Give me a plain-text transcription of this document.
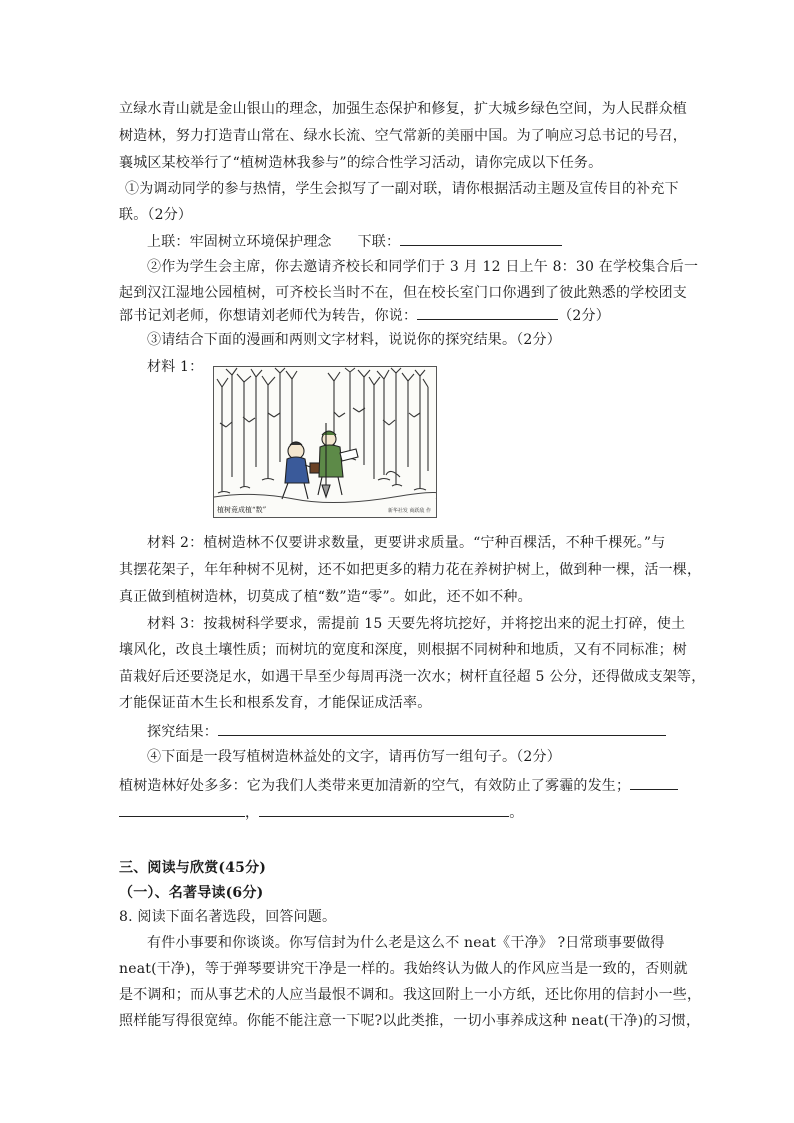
立绿水青山就是金山银山的理念，加强生态保护和修复，扩大城乡绿色空间，为人民群众植
树造林，努力打造青山常在、绿水长流、空气常新的美丽中国。为了响应习总书记的号召，
襄城区某校举行了“植树造林我参与”的综合性学习活动，请你完成以下任务。
①为调动同学的参与热情，学生会拟写了一副对联，请你根据活动主题及宣传目的补充下
联。（2分）
上联：牢固树立环境保护理念 下联：
②作为学生会主席，你去邀请齐校长和同学们于 3 月 12 日上午 8：30 在学校集合后一
起到汉江湿地公园植树，可齐校长当时不在，但在校长室门口你遇到了彼此熟悉的学校团支
部书记刘老师，你想请刘老师代为转告，你说：	（2分）
③请结合下面的漫画和两则文字材料，说说你的探究结果。（2分）
材料 1：
植树竟成植“数”	新华社发 商跃敌 作
材料 2：植树造林不仅要讲求数量，更要讲求质量。“宁种百棵活，不种千棵死。”与
其摆花架子，年年种树不见树，还不如把更多的精力花在养树护树上，做到种一棵，活一棵，
真正做到植树造林，切莫成了植“数”造“零”。如此，还不如不种。
材料 3：按栽树科学要求，需提前 15 天要先将坑挖好，并将挖出来的泥土打碎，使土
壤风化，改良土壤性质；而树坑的宽度和深度，则根据不同树种和地质，又有不同标准；树
苗栽好后还要浇足水，如遇干旱至少每周再浇一次水；树杆直径超 5 公分，还得做成支架等，
才能保证苗木生长和根系发育，才能保证成活率。
探究结果：
④下面是一段写植树造林益处的文字，请再仿写一组句子。（2分）
植树造林好处多多：它为我们人类带来更加清新的空气，有效防止了雾霾的发生；
，	。
三、阅读与欣赏(45分)
（一）、名著导读(6分)
8. 阅读下面名著选段，回答问题。
有件小事要和你谈谈。你写信封为什么老是这么不 neat《干净》 ?日常琐事要做得
neat(干净)，等于弹琴要讲究干净是一样的。我始终认为做人的作风应当是一致的，否则就
是不调和；而从事艺术的人应当最恨不调和。我这回附上一小方纸，还比你用的信封小一些，
照样能写得很宽绰。你能不能注意一下呢?以此类推，一切小事养成这种 neat(干净)的习惯，
